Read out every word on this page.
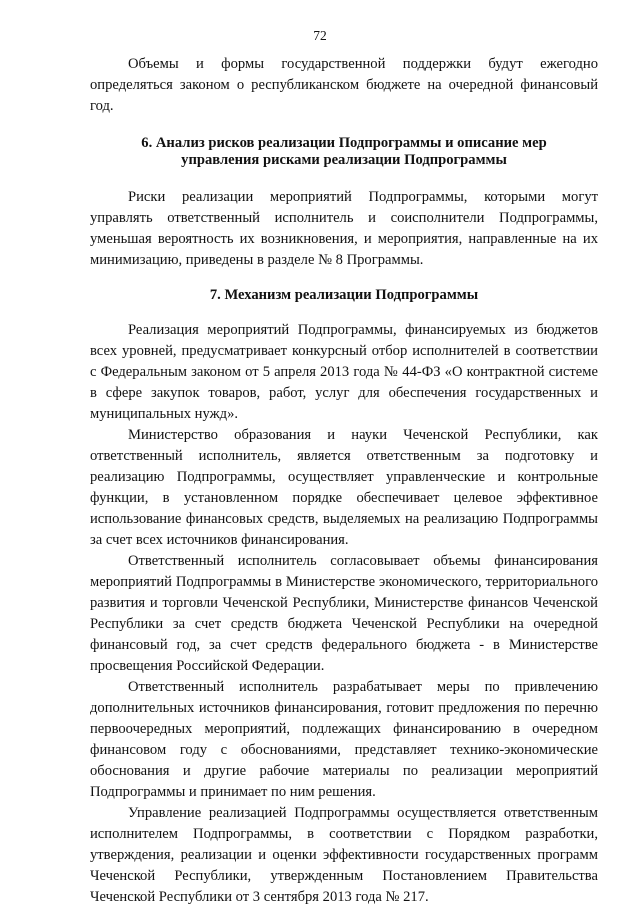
72

Объемы и формы государственной поддержки будут ежегодно определяться законом о республиканском бюджете на очередной финансовый год.

6. Анализ рисков реализации Подпрограммы и описание мер
управления рисками реализации Подпрограммы

Риски реализации мероприятий Подпрограммы, которыми могут управлять ответственный исполнитель и соисполнители Подпрограммы, уменьшая вероятность их возникновения, и мероприятия, направленные на их минимизацию, приведены в разделе № 8 Программы.

7. Механизм реализации Подпрограммы

Реализация мероприятий Подпрограммы, финансируемых из бюджетов всех уровней, предусматривает конкурсный отбор исполнителей в соответствии с Федеральным законом от 5 апреля 2013 года № 44-ФЗ «О контрактной системе в сфере закупок товаров, работ, услуг для обеспечения государственных и муниципальных нужд».

Министерство образования и науки Чеченской Республики, как ответственный исполнитель, является ответственным за подготовку и реализацию Подпрограммы, осуществляет управленческие и контрольные функции, в установленном порядке обеспечивает целевое эффективное использование финансовых средств, выделяемых на реализацию Подпрограммы за счет всех источников финансирования.

Ответственный исполнитель согласовывает объемы финансирования мероприятий Подпрограммы в Министерстве экономического, территориального развития и торговли Чеченской Республики, Министерстве финансов Чеченской Республики за счет средств бюджета Чеченской Республики на очередной финансовый год, за счет средств федерального бюджета - в Министерстве просвещения Российской Федерации.

Ответственный исполнитель разрабатывает меры по привлечению дополнительных источников финансирования, готовит предложения по перечню первоочередных мероприятий, подлежащих финансированию в очередном финансовом году с обоснованиями, представляет технико-экономические обоснования и другие рабочие материалы по реализации мероприятий Подпрограммы и принимает по ним решения.

Управление реализацией Подпрограммы осуществляется ответственным исполнителем Подпрограммы, в соответствии с Порядком разработки, утверждения, реализации и оценки эффективности государственных программ Чеченской Республики, утвержденным Постановлением Правительства Чеченской Республики от 3 сентября 2013 года № 217.
